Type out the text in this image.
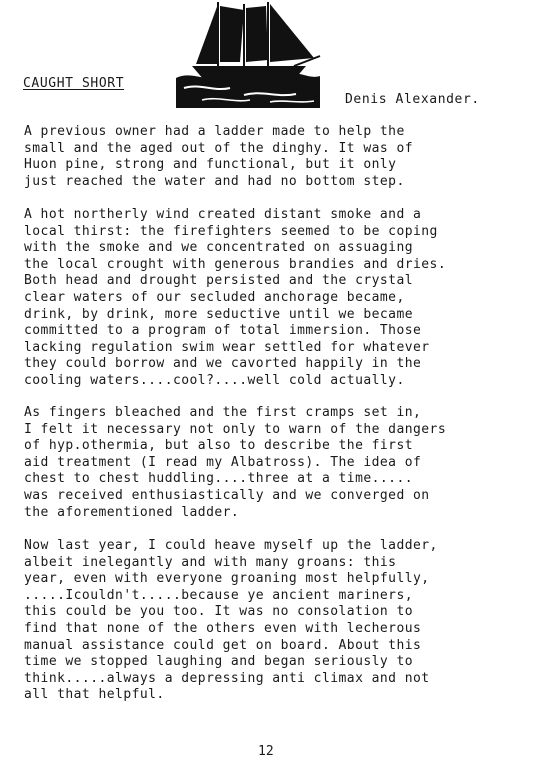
CAUGHT SHORT
Denis Alexander.
A previous owner had a ladder made to help the
small and the aged out of the dinghy. It was of
Huon pine, strong and functional, but it only
just reached the water and had no bottom step.
A hot northerly wind created distant smoke and a
local thirst: the firefighters seemed to be coping
with the smoke and we concentrated on assuaging
the local crought with generous brandies and dries.
Both head and drought persisted and the crystal
clear waters of our secluded anchorage became,
drink, by drink, more seductive until we became
committed to a program of total immersion. Those
lacking regulation swim wear settled for whatever
they could borrow and we cavorted happily in the
cooling waters....cool?....well cold actually.
As fingers bleached and the first cramps set in,
I felt it necessary not only to warn of the dangers
of hyp.othermia, but also to describe the first
aid treatment (I read my Albatross). The idea of
chest to chest huddling....three at a time.....
was received enthusiastically and we converged on
the aforementioned ladder.
Now last year, I could heave myself up the ladder,
albeit inelegantly and with many groans: this
year, even with everyone groaning most helpfully,
.....Icouldn't.....because ye ancient mariners,
this could be you too. It was no consolation to
find that none of the others even with lecherous
manual assistance could get on board. About this
time we stopped laughing and began seriously to
think.....always a depressing anti climax and not
all that helpful.
12
